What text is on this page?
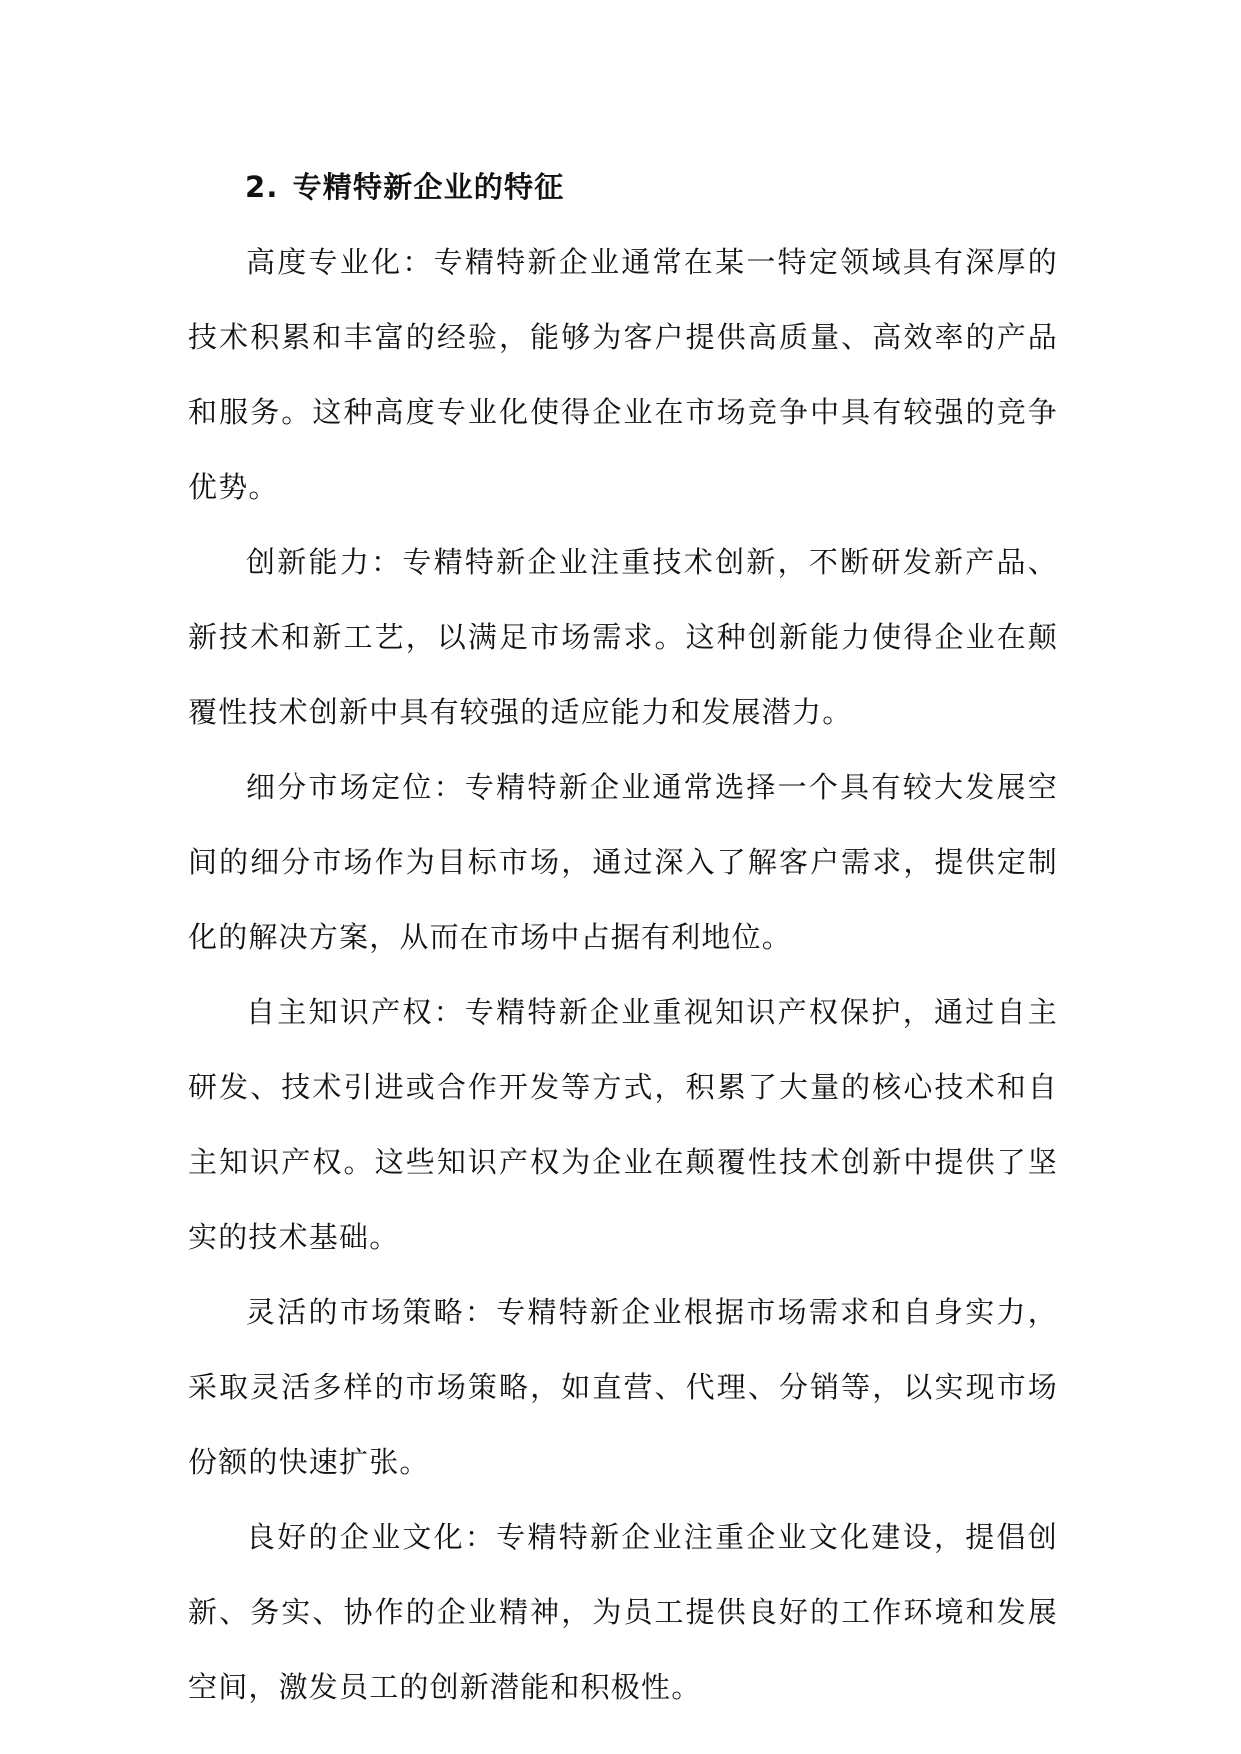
2. 专精特新企业的特征

高度专业化：专精特新企业通常在某一特定领域具有深厚的技术积累和丰富的经验，能够为客户提供高质量、高效率的产品和服务。这种高度专业化使得企业在市场竞争中具有较强的竞争优势。

创新能力：专精特新企业注重技术创新，不断研发新产品、新技术和新工艺，以满足市场需求。这种创新能力使得企业在颠覆性技术创新中具有较强的适应能力和发展潜力。

细分市场定位：专精特新企业通常选择一个具有较大发展空间的细分市场作为目标市场，通过深入了解客户需求，提供定制化的解决方案，从而在市场中占据有利地位。

自主知识产权：专精特新企业重视知识产权保护，通过自主研发、技术引进或合作开发等方式，积累了大量的核心技术和自主知识产权。这些知识产权为企业在颠覆性技术创新中提供了坚实的技术基础。

灵活的市场策略：专精特新企业根据市场需求和自身实力，采取灵活多样的市场策略，如直营、代理、分销等，以实现市场份额的快速扩张。

良好的企业文化：专精特新企业注重企业文化建设，提倡创新、务实、协作的企业精神，为员工提供良好的工作环境和发展空间，激发员工的创新潜能和积极性。
